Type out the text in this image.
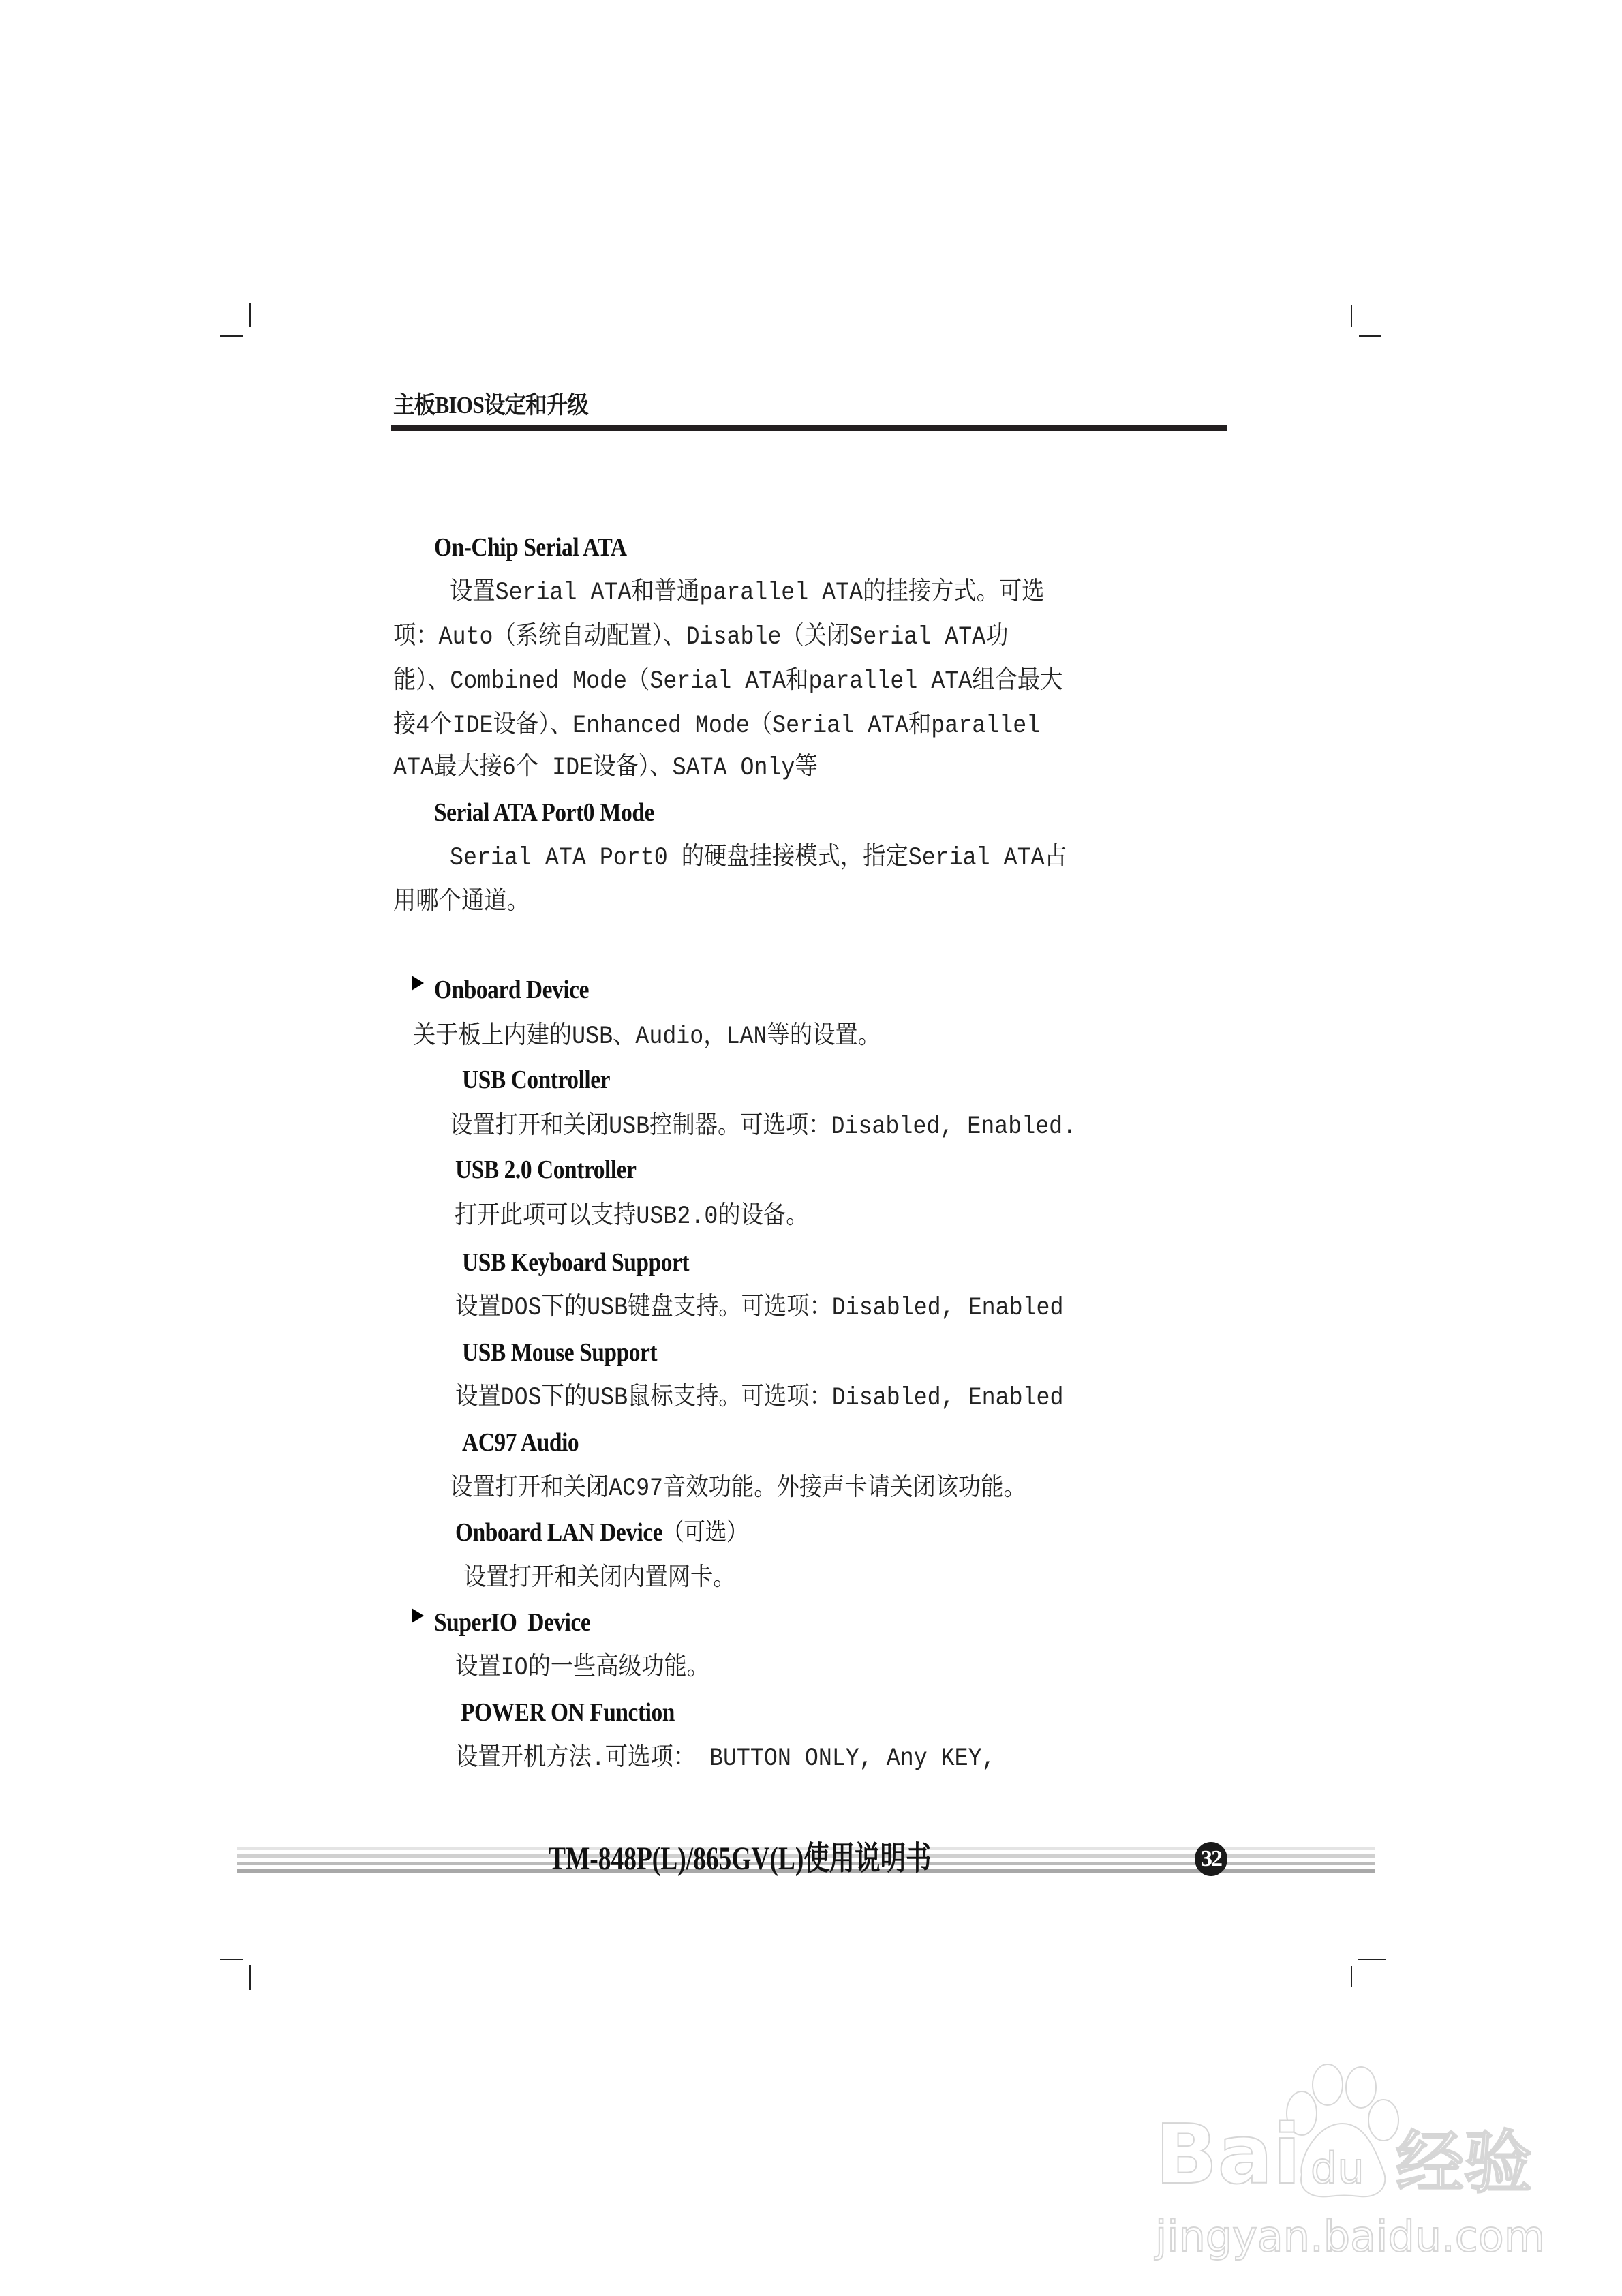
主板BIOS设定和升级
On-Chip Serial ATA
设置Serial ATA和普通parallel ATA的挂接方式。可选
项：Auto（系统自动配置）、Disable（关闭Serial ATA功
能）、Combined Mode（Serial ATA和parallel ATA组合最大
接4个IDE设备）、Enhanced Mode（Serial ATA和parallel
ATA最大接6个 IDE设备）、SATA Only等
Serial ATA Port0 Mode
Serial ATA Port0 的硬盘挂接模式，指定Serial ATA占
用哪个通道。
Onboard Device
关于板上内建的USB、Audio，LAN等的设置。
USB Controller
设置打开和关闭USB控制器。可选项：Disabled, Enabled.
USB 2.0 Controller
打开此项可以支持USB2.0的设备。
USB Keyboard Support
设置DOS下的USB键盘支持。可选项：Disabled, Enabled
USB Mouse Support
设置DOS下的USB鼠标支持。可选项：Disabled, Enabled
AC97 Audio
设置打开和关闭AC97音效功能。外接声卡请关闭该功能。
Onboard LAN Device （可选）
设置打开和关闭内置网卡。
SuperIO  Device
设置IO的一些高级功能。
POWER ON Function
设置开机方法.可选项： BUTTON ONLY, Any KEY,
TM-848P(L)/865GV(L)使用说明书	32
Bai du 经验
jingyan.baidu.com
